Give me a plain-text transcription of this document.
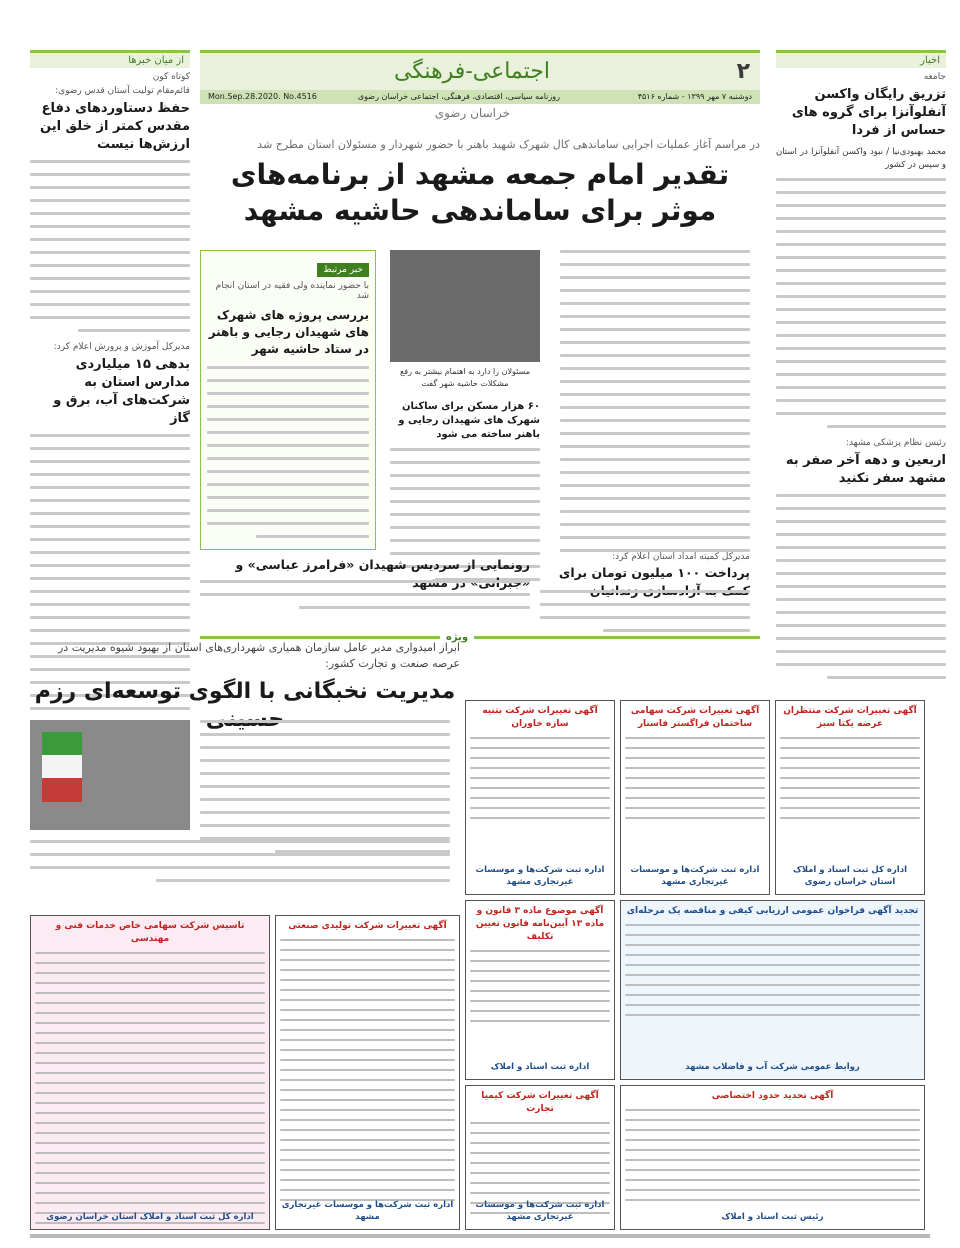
۲
اجتماعی-فرهنگی
دوشنبه ۷ مهر ۱۳۹۹ - شماره ۴۵۱۶
روزنامه سیاسی، اقتصادی، فرهنگی، اجتماعی خراسان رضوی
Mon.Sep.28.2020. No.4516
خراسان رضوی
اخبار
جامعه
تزریق رایگان واکسن آنفلوآنزا برای گروه های حساس از فردا
محمد بهبودی‌نیا / نبود واکسن آنفلوآنزا در استان و سپس در کشور
رئیس نظام پزشکی مشهد:
اربعین و دهه آخر صفر به مشهد سفر نکنید
از میان خبرها
کوتاه کون
قائم‌مقام تولیت آستان قدس رضوی:
حفظ دستاوردهای دفاع مقدس کمتر از خلق این ارزش‌ها نیست
مدیرکل آموزش و پرورش اعلام کرد:
بدهی ۱۵ میلیاردی مدارس استان به شرکت‌های آب، برق و گاز
در مراسم آغاز عملیات اجرایی ساماندهی کال شهرک شهید باهنر با حضور شهردار و مسئولان استان مطرح شد
تقدیر امام جمعه مشهد از برنامه‌های موثر برای ساماندهی حاشیه مشهد
مسئولان را دارد به اهتمام بیشتر به رفع مشکلات حاشیه شهر گفت
۶۰ هزار مسکن برای ساکنان شهرک های شهیدان رجایی و باهنر ساخته می شود
خبر مرتبط
با حضور نماینده ولی فقیه در استان انجام شد
بررسی پروژه های شهرک های شهیدان رجایی و باهنر در ستاد حاشیه شهر
رونمایی از سردیس شهیدان «فرامرز عباسی» و	مدیرکل کمیته امداد استان اعلام کرد:
پرداخت ۱۰۰ میلیون تومان برای
ویژه
ابراز امیدواری مدیر عامل سازمان همیاری شهرداری‌های استان از بهبود شیوه مدیریت در عرصه صنعت و تجارت کشور:
مدیریت نخبگانی با الگوی توسعه‌ای رزم
آگهی تغییرات شرکت منتظران عرضه یکتا سبز
اداره کل ثبت اسناد و املاک استان خراسان رضوی
آگهی تغییرات شرکت سهامی ساختمان فراگستر فاستار
اداره ثبت شرکت‌ها و موسسات غیرتجاری مشهد
آگهی تغییرات شرکت بتنیه سازه خاوران
اداره ثبت شرکت‌ها و موسسات غیرتجاری مشهد
تجدید آگهی فراخوان عمومی ارزیابی کیفی و مناقصه یک مرحله‌ای
روابط عمومی شرکت آب و فاضلاب مشهد
آگهی موضوع ماده ۳ قانون و ماده ۱۳ آیین‌نامه قانون تعیین تکلیف
اداره ثبت اسناد و املاک
تاسیس شرکت سهامی خاص خدمات فنی و مهندسی
اداره کل ثبت اسناد و املاک استان خراسان رضوی
آگهی تغییرات شرکت تولیدی صنعتی
اداره ثبت شرکت‌ها و موسسات غیرتجاری مشهد
آگهی تغییرات شرکت کیمیا تجارت
اداره ثبت شرکت‌ها و موسسات غیرتجاری مشهد
آگهی تحدید حدود اختصاصی
رئیس ثبت اسناد و املاک
